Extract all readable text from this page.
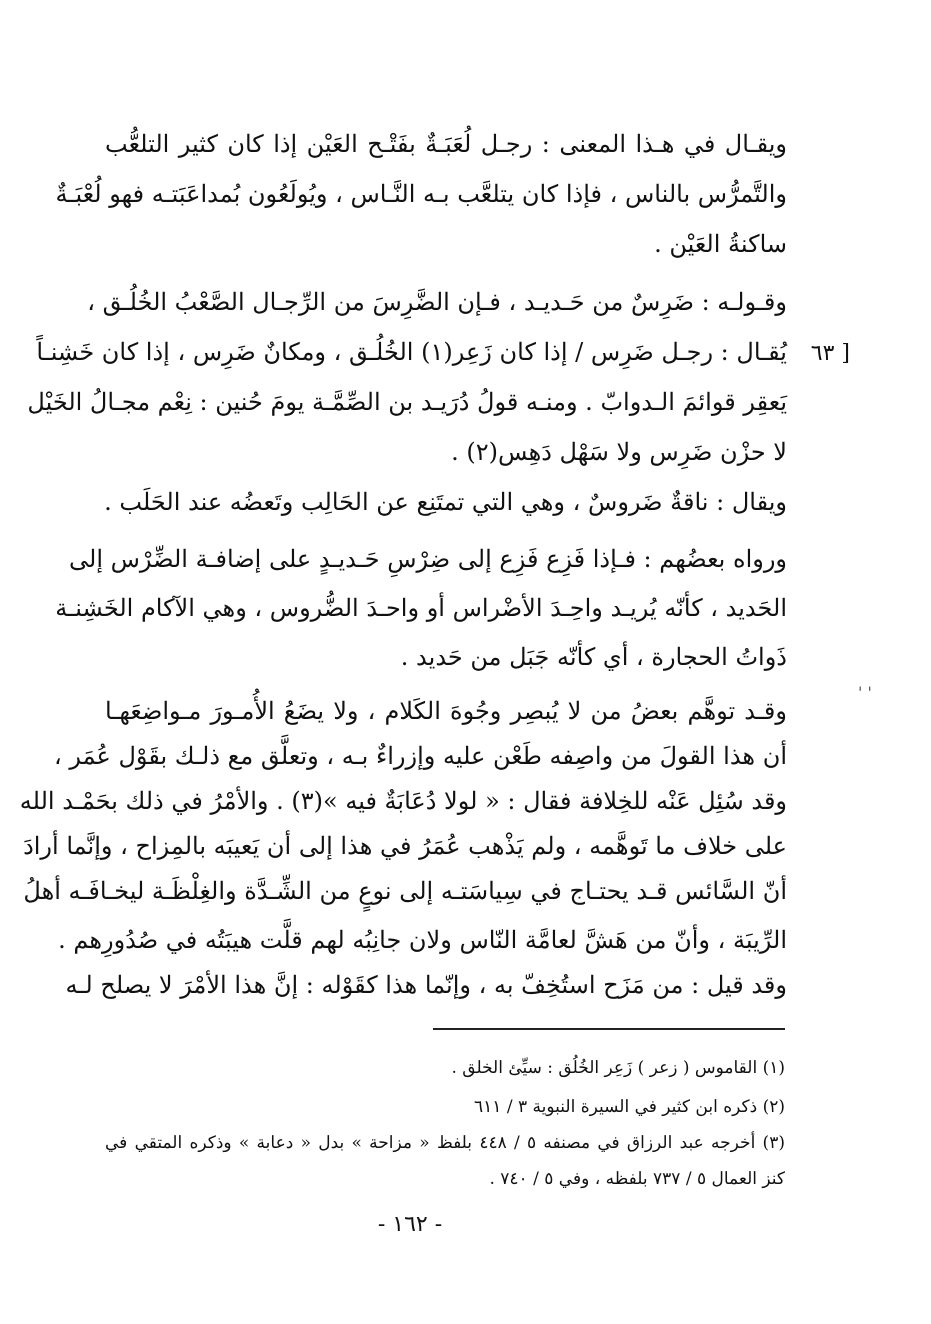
ويقـال في هـذا المعنى : رجـل لُعَبَـةٌ بفَتْـح العَيْن إذا كان كثير التلعُّب
والتَّمرُّس بالناس ، فإذا كان يتلعَّب بـه النَّـاس ، ويُولَعُون بُمداعَبَتـه فهو لُعْبَـةٌ
ساكنةُ العَيْن .
وقـولـه : ضَرِسٌ من حَـديـد ، فـإن الضَّرِسَ من الرِّجـال الصَّعْبُ الخُلُـق ،
يُقـال : رجـل ضَرِس / إذا كان زَعِر(١) الخُلُـق ، ومكانٌ ضَرِس ، إذا كان خَشِنـاً
يَعقِر قوائمَ الـدوابّ . ومنـه قولُ دُرَيـد بن الصِّمَّـة يومَ حُنين : نِعْم مجـالُ الخَيْل
لا حزْن ضَرِس ولا سَهْل دَهِس(٢) .
ويقال : ناقةٌ ضَروسٌ ، وهي التي تمتَنِع عن الحَالِب وتَعضُه عند الحَلَب .
ورواه بعضُهم : فـإذا فَزِع فَزِع إلى ضِرْسِ حَـديـدٍ على إضافـة الضِّرْس إلى
الحَديد ، كأنّه يُريـد واحِـدَ الأضْراس أو واحـدَ الضُّروس ، وهي الآكام الخَشِنـة
ذَواتُ الحجارة ، أي كأنّه جَبَل من حَديد .
وقـد توهَّم بعضُ من لا يُبصِر وجُوهَ الكَلام ، ولا يضَعُ الأُمـورَ مـواضِعَهـا
أن هذا القولَ من واصِفه طَعْن عليه وإزراءٌ بـه ، وتعلَّق مع ذلـك بقَوْل عُمَر ،
وقد سُئِل عَنْه للخِلافة فقال : « لولا دُعَابَةٌ فيه »(٣) . والأمْرُ في ذلك بحَمْـد الله
على خلاف ما تَوهَّمه ، ولم يَذْهب عُمَرُ في هذا إلى أن يَعيبَه بالمِزاح ، وإنَّما أرادَ
أنّ السَّائس قـد يحتـاج في سِياسَتـه إلى نوعٍ من الشِّـدَّة والغِلْظَـة ليخـافَـه أهلُ
الرِّيبَة ، وأنّ من هَشَّ لعامَّة النّاس ولان جانِبُه لهم قلَّت هيبَتُه في صُدُورِهم .
وقد قيل : من مَزَح استُخِفّ به ، وإنّما هذا كقَوْله : إنَّ هذا الأمْرَ لا يصلح لـه
[ ٦٣
' '
(١) القاموس ( زعر ) زَعِر الخُلُق : سيِّئ الخلق .
(٢) ذكره ابن كثير في السيرة النبوية ٣ / ٦١١
(٣) أخرجه عبد الرزاق في مصنفه ٥ / ٤٤٨ بلفظ « مزاحة » بدل « دعابة » وذكره المتقي في
كنز العمال ٥ / ٧٣٧ بلفظه ، وفي ٥ / ٧٤٠ .
- ١٦٢ -
